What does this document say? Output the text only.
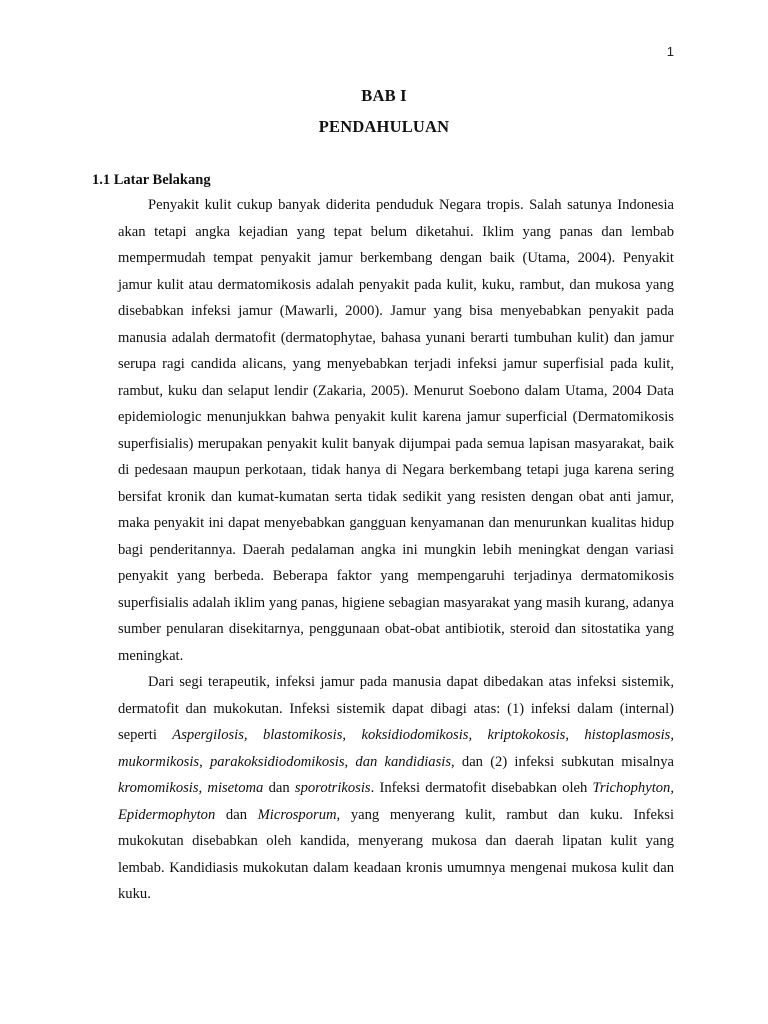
1
BAB I
PENDAHULUAN
1.1 Latar Belakang

Penyakit kulit cukup banyak diderita penduduk Negara tropis. Salah satunya Indonesia akan tetapi angka kejadian yang tepat belum diketahui. Iklim yang panas dan lembab mempermudah tempat penyakit jamur berkembang dengan baik (Utama, 2004). Penyakit jamur kulit atau dermatomikosis adalah penyakit pada kulit, kuku, rambut, dan mukosa yang disebabkan infeksi jamur (Mawarli, 2000). Jamur yang bisa menyebabkan penyakit pada manusia adalah dermatofit (dermatophytae, bahasa yunani berarti tumbuhan kulit) dan jamur serupa ragi candida alicans, yang menyebabkan terjadi infeksi jamur superfisial pada kulit, rambut, kuku dan selaput lendir (Zakaria, 2005). Menurut Soebono dalam Utama, 2004 Data epidemiologic menunjukkan bahwa penyakit kulit karena jamur superficial (Dermatomikosis superfisialis) merupakan penyakit kulit banyak dijumpai pada semua lapisan masyarakat, baik di pedesaan maupun perkotaan, tidak hanya di Negara berkembang tetapi juga karena sering bersifat kronik dan kumat-kumatan serta tidak sedikit yang resisten dengan obat anti jamur, maka penyakit ini dapat menyebabkan gangguan kenyamanan dan menurunkan kualitas hidup bagi penderitannya. Daerah pedalaman angka ini mungkin lebih meningkat dengan variasi penyakit yang berbeda. Beberapa faktor yang mempengaruhi terjadinya dermatomikosis superfisialis adalah iklim yang panas, higiene sebagian masyarakat yang masih kurang, adanya sumber penularan disekitarnya, penggunaan obat-obat antibiotik, steroid dan sitostatika yang meningkat.

Dari segi terapeutik, infeksi jamur pada manusia dapat dibedakan atas infeksi sistemik, dermatofit dan mukokutan. Infeksi sistemik dapat dibagi atas: (1) infeksi dalam (internal) seperti Aspergilosis, blastomikosis, koksidiodomikosis, kriptokokosis, histoplasmosis, mukormikosis, parakoksidiodomikosis, dan kandidiasis, dan (2) infeksi subkutan misalnya kromomikosis, misetoma dan sporotrikosis. Infeksi dermatofit disebabkan oleh Trichophyton, Epidermophyton dan Microsporum, yang menyerang kulit, rambut dan kuku. Infeksi mukokutan disebabkan oleh kandida, menyerang mukosa dan daerah lipatan kulit yang lembab. Kandidiasis mukokutan dalam keadaan kronis umumnya mengenai mukosa kulit dan kuku.
